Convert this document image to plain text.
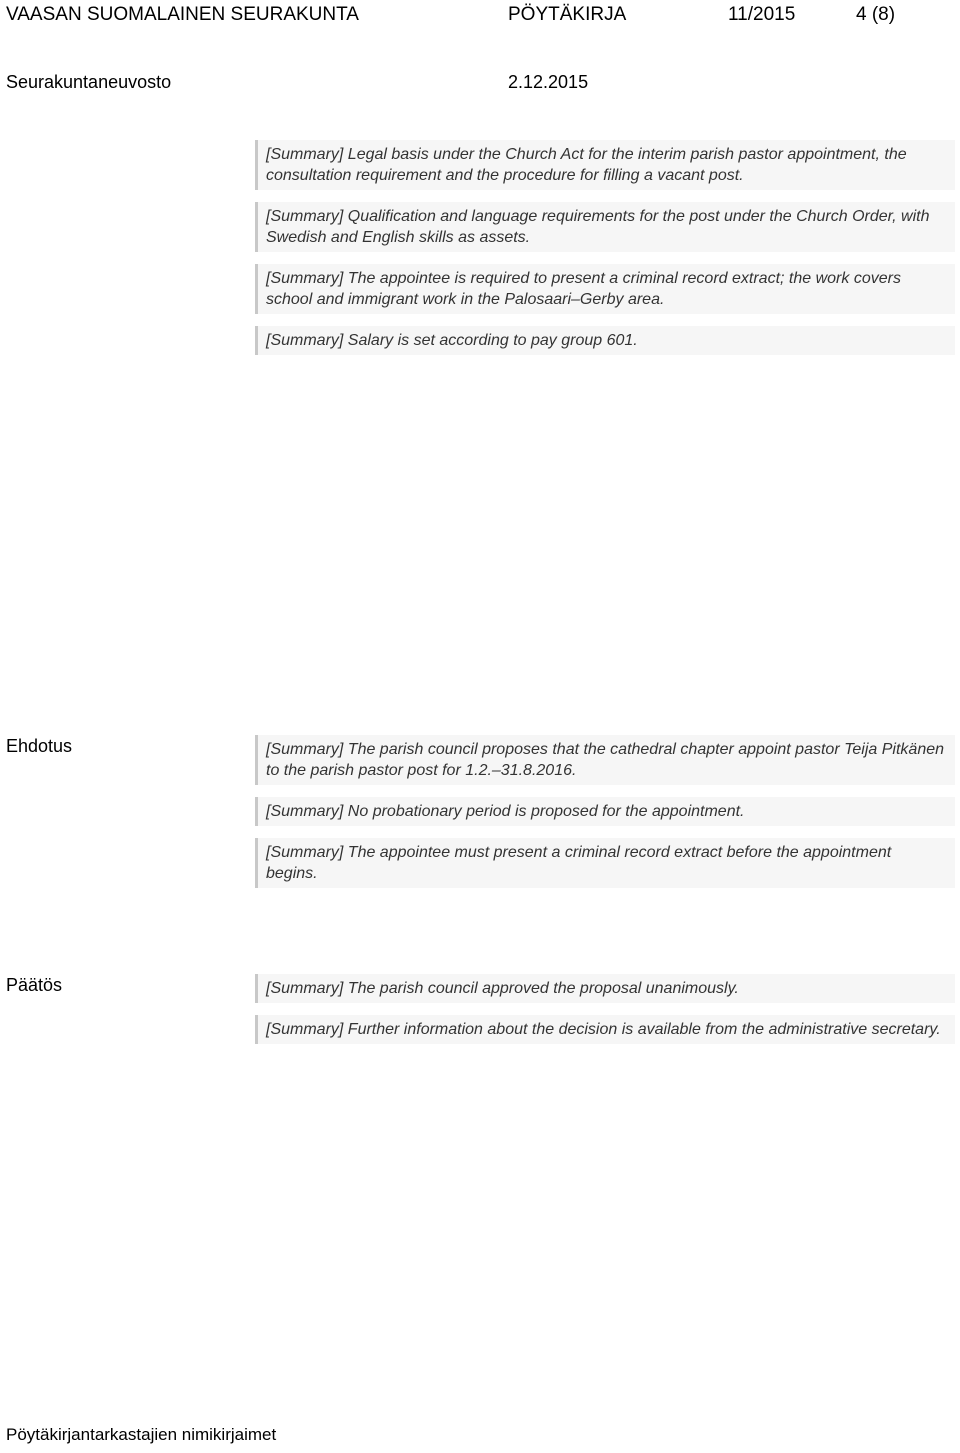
VAASAN SUOMALAINEN SEURAKUNTA	PÖYTÄKIRJA	11/2015	4 (8)
Seurakuntaneuvosto	2.12.2015

[Summary] Legal basis under the Church Act for the interim parish pastor appointment, the consultation requirement and the procedure for filling a vacant post.

[Summary] Qualification and language requirements for the post under the Church Order, with Swedish and English skills as assets.

[Summary] The appointee is required to present a criminal record extract; the work covers school and immigrant work in the Palosaari–Gerby area.

[Summary] Salary is set according to pay group 601.

Ehdotus	[Summary] The parish council proposes that the cathedral chapter appoint pastor Teija Pitkänen to the parish pastor post for 1.2.–31.8.2016.

[Summary] No probationary period is proposed for the appointment.

[Summary] The appointee must present a criminal record extract before the appointment begins.

Päätös	[Summary] The parish council approved the proposal unanimously.

[Summary] Further information about the decision is available from the administrative secretary.

Pöytäkirjantarkastajien nimikirjaimet
